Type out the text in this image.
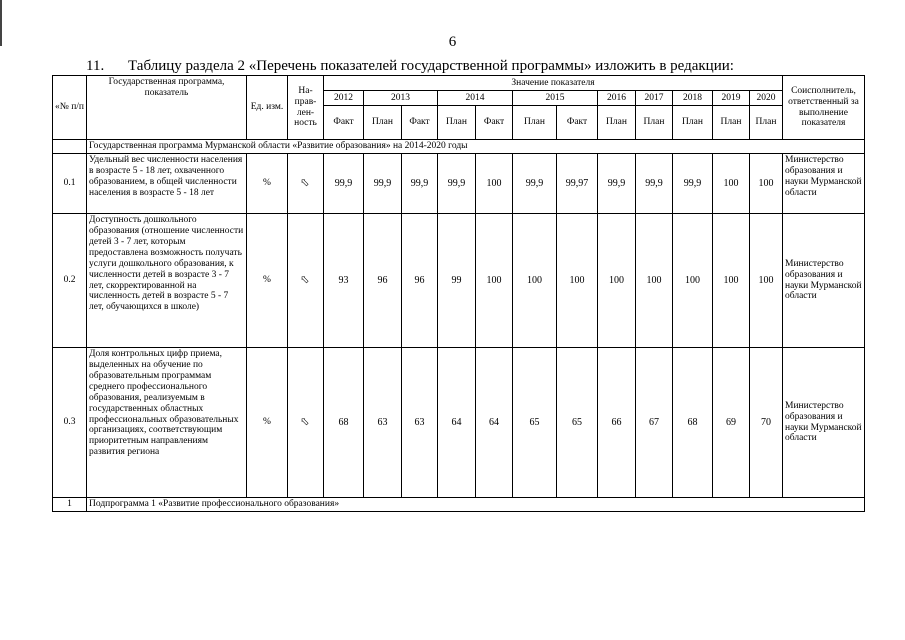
6
11. Таблицу раздела 2 «Перечень показателей государственной программы» изложить в редакции:
«№ п/п	Государственная программа, показатель	Ед. изм.	На-прав-лен-ность	Значение показателя												Соисполнитель, ответственный за выполнение показателя
				2012	2013		2014		2015		2016	2017	2018	2019	2020	
				Факт	План	Факт	План	Факт	План	Факт	План	План	План	План	План	
	Государственная программа Мурманской области «Развитие образования» на 2014-2020 годы															
0.1	Удельный вес численности населения в возрасте 5 - 18 лет, охваченного образованием, в общей численности населения в возрасте 5 - 18 лет	%	⇧	99,9	99,9	99,9	99,9	100	99,9	99,97	99,9	99,9	99,9	100	100	Министерство образования и науки Мурманской области
0.2	Доступность дошкольного образования (отношение численности детей 3 - 7 лет, которым предоставлена возможность получать услуги дошкольного образования, к численности детей в возрасте 3 - 7 лет, скорректированной на численность детей в возрасте 5 - 7 лет, обучающихся в школе)	%	⇧	93	96	96	99	100	100	100	100	100	100	100	100	Министерство образования и науки Мурманской области
0.3	Доля контрольных цифр приема, выделенных на обучение по образовательным программам среднего профессионального образования, реализуемым в государственных областных профессиональных образовательных организациях, соответствующим приоритетным направлениям развития региона	%	⇧	68	63	63	64	64	65	65	66	67	68	69	70	Министерство образования и науки Мурманской области
1	Подпрограмма 1 «Развитие профессионального образования»															
